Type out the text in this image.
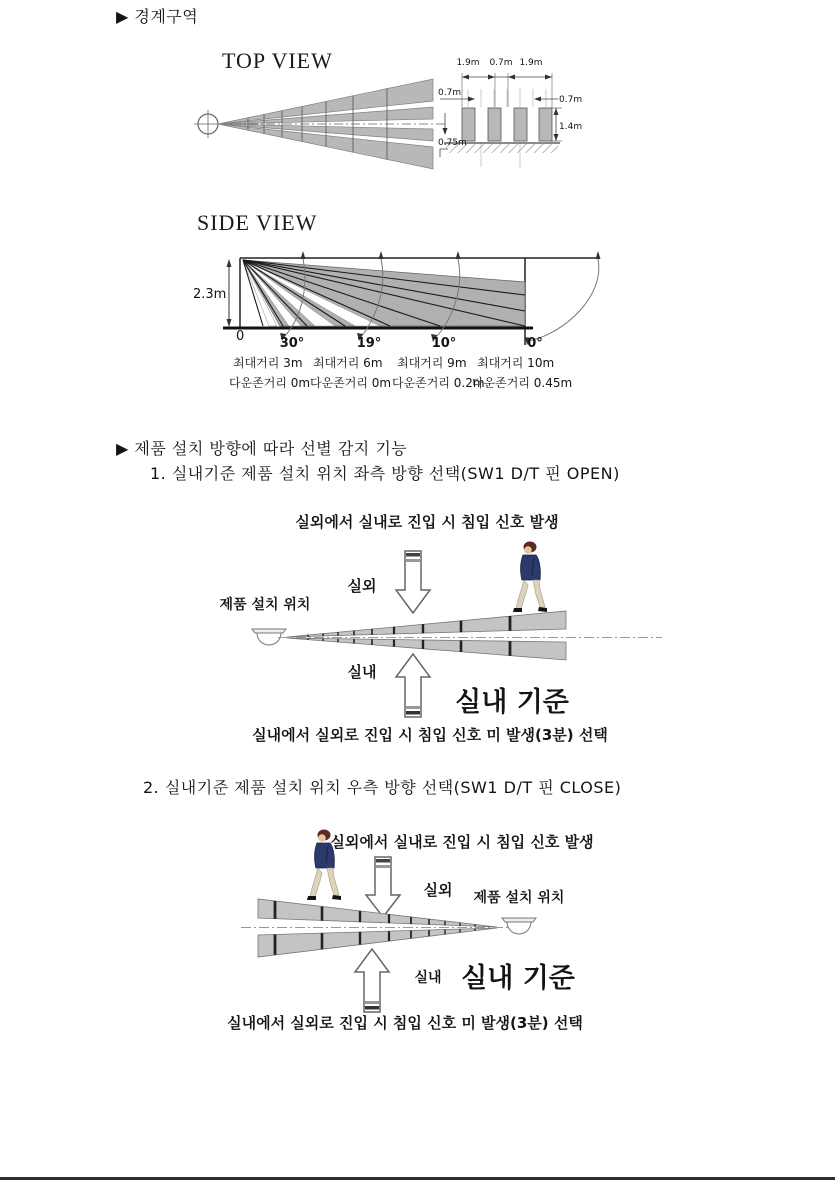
▶ 경계구역
TOP VIEW	1.9m 0.7m 1.9m
0.7m
0.7m
0.75m
1.4m
SIDE VIEW
2.3m
0	30°	19°	10°	0°
최대거리 3m 최대거리 6m 최대거리 9m 최대거리 10m
다운존거리 0m 다운존거리 0m 다운존거리 0.2m
다운존거리 0.45m
▶ 제품 설치 방향에 따라 선별 감지 기능
1. 실내기준 제품 설치 위치 좌측 방향 선택(SW1 D/T 핀 OPEN)
실외에서 실내로 진입 시 침입 신호 발생
실외
제품 설치 위치
실내
실내 기준
실내에서 실외로 진입 시 침입 신호 미 발생(3분) 선택
2. 실내기준 제품 설치 위치 우측 방향 선택(SW1 D/T 핀 CLOSE)
실외에서 실내로 진입 시 침입 신호 발생
실외 제품 설치 위치
실내 실내 기준
실내에서 실외로 진입 시 침입 신호 미 발생(3분) 선택
